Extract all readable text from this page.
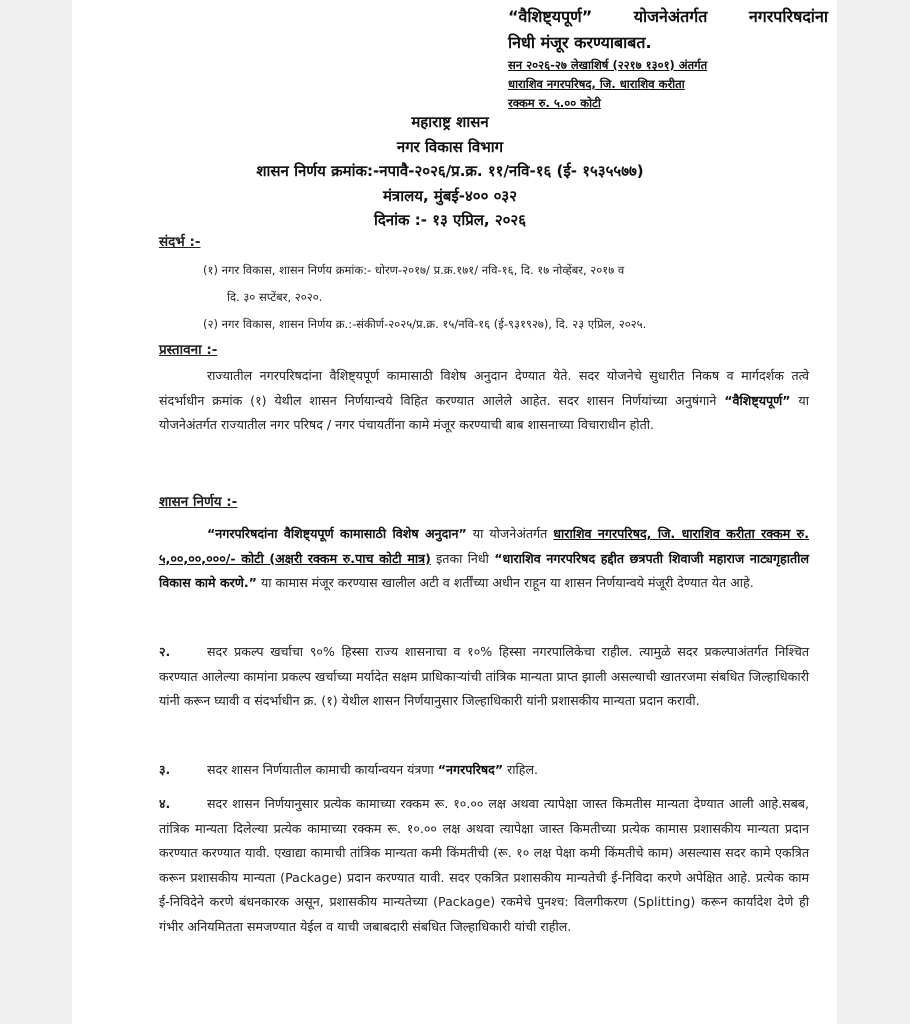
“वैशिष्ट्यपूर्ण”	योजनेअंतर्गत	नगरपरिषदांना
निधी मंजूर करण्याबाबत.
सन २०२६-२७ लेखाशिर्ष (२२१७ १३०१) अंतर्गत
धाराशिव नगरपरिषद, जि. धाराशिव करीता
रक्कम रु. ५.०० कोटी
महाराष्ट्र शासन
नगर विकास विभाग
शासन निर्णय क्रमांक:-नपावै-२०२६/प्र.क्र. ११/नवि-१६ (ई- १५३५५७७)
मंत्रालय, मुंबई-४०० ०३२
दिनांक :- १३ एप्रिल, २०२६
संदर्भ :-
(१) नगर विकास, शासन निर्णय क्रमांक:- धोरण-२०१७/ प्र.क्र.१७१/ नवि-१६, दि. १७ नोव्हेंबर, २०१७ व
दि. ३० सप्टेंबर, २०२०.
(२) नगर विकास, शासन निर्णय क्र.:-संकीर्ण-२०२५/प्र.क्र. १५/नवि-१६ (ई-९३१९२७), दि. २३ एप्रिल, २०२५.
प्रस्तावना :-
राज्यातील नगरपरिषदांना वैशिष्ट्यपूर्ण कामासाठी विशेष अनुदान देण्यात येते. सदर योजनेचे सुधारीत निकष व मार्गदर्शक तत्वे संदर्भाधीन क्रमांक (१) येथील शासन निर्णयान्वये विहित करण्यात आलेले आहेत. सदर शासन निर्णयांच्या अनुषंगाने “वैशिष्ट्यपूर्ण” या योजनेअंतर्गत राज्यातील नगर परिषद / नगर पंचायतींना कामे मंजूर करण्याची बाब शासनाच्या विचाराधीन होती.
शासन निर्णय :-
“नगरपरिषदांना वैशिष्ट्यपूर्ण कामासाठी विशेष अनुदान” या योजनेअंतर्गत धाराशिव नगरपरिषद, जि. धाराशिव करीता रक्कम रु. ५,००,००,०००/- कोटी (अक्षरी रक्कम रु.पाच कोटी मात्र) इतका निधी “धाराशिव नगरपरिषद हद्दीत छत्रपती शिवाजी महाराज नाट्यगृहातील विकास कामे करणे.” या कामास मंजूर करण्यास खालील अटी व शर्तींच्या अधीन राहून या शासन निर्णयान्वये मंजूरी देण्यात येत आहे.
२.	सदर प्रकल्प खर्चाचा ९०% हिस्सा राज्य शासनाचा व १०% हिस्सा नगरपालिकेचा राहील. त्यामुळे सदर प्रकल्पाअंतर्गत निश्चित करण्यात आलेल्या कामांना प्रकल्प खर्चाच्या मर्यादेत सक्षम प्राधिकाऱ्यांची तांत्रिक मान्यता प्राप्त झाली असल्याची खातरजमा संबधित जिल्हाधिकारी यांनी करून घ्यावी व संदर्भाधीन क्र. (१) येथील शासन निर्णयानुसार जिल्हाधिकारी यांनी प्रशासकीय मान्यता प्रदान करावी.
३.	सदर शासन निर्णयातील कामाची कार्यान्वयन यंत्रणा “नगरपरिषद” राहिल.
४.	सदर शासन निर्णयानुसार प्रत्येक कामाच्या रक्कम रू. १०.०० लक्ष अथवा त्यापेक्षा जास्त किमतीस मान्यता देण्यात आली आहे.सबब, तांत्रिक मान्यता दिलेल्या प्रत्येक कामाच्या रक्कम रू. १०.०० लक्ष अथवा त्यापेक्षा जास्त किमतीच्या प्रत्येक कामास प्रशासकीय मान्यता प्रदान करण्यात करण्यात यावी. एखाद्या कामाची तांत्रिक मान्यता कमी किंमतीची (रू. १० लक्ष पेक्षा कमी किंमतीचे काम) असल्यास सदर कामे एकत्रित करून प्रशासकीय मान्यता (Package) प्रदान करण्यात यावी. सदर एकत्रित प्रशासकीय मान्यतेची ई-निविदा करणे अपेक्षित आहे. प्रत्येक काम ई-निविदेने करणे बंधनकारक असून, प्रशासकीय मान्यतेच्या (Package) रकमेचे पुनश्च: विलगीकरण (Splitting) करून कार्यादेश देणे ही गंभीर अनियमितता समजण्यात येईल व याची जबाबदारी संबधित जिल्हाधिकारी यांची राहील.
